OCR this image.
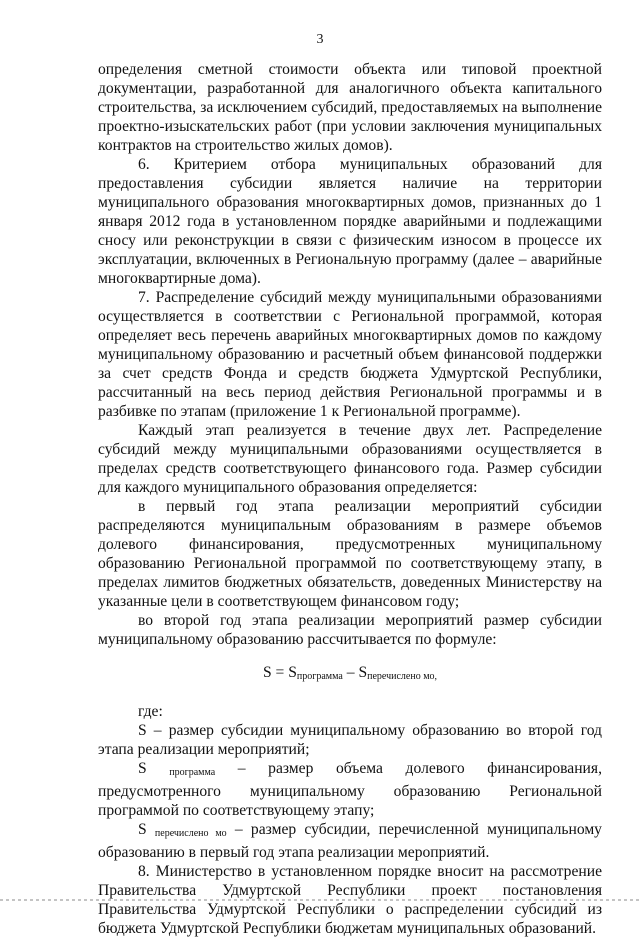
3

определения сметной стоимости объекта или типовой проектной документации, разработанной для аналогичного объекта капитального строительства, за исключением субсидий, предоставляемых на выполнение проектно-изыскательских работ (при условии заключения муниципальных контрактов на строительство жилых домов).

6. Критерием отбора муниципальных образований для предоставления субсидии является наличие на территории муниципального образования многоквартирных домов, признанных до 1 января 2012 года в установленном порядке аварийными и подлежащими сносу или реконструкции в связи с физическим износом в процессе их эксплуатации, включенных в Региональную программу (далее – аварийные многоквартирные дома).

7. Распределение субсидий между муниципальными образованиями осуществляется в соответствии с Региональной программой, которая определяет весь перечень аварийных многоквартирных домов по каждому муниципальному образованию и расчетный объем финансовой поддержки за счет средств Фонда и средств бюджета Удмуртской Республики, рассчитанный на весь период действия Региональной программы и в разбивке по этапам (приложение 1 к Региональной программе).

Каждый этап реализуется в течение двух лет. Распределение субсидий между муниципальными образованиями осуществляется в пределах средств соответствующего финансового года. Размер субсидии для каждого муниципального образования определяется:

в первый год этапа реализации мероприятий субсидии распределяются муниципальным образованиям в размере объемов долевого финансирования, предусмотренных муниципальному образованию Региональной программой по соответствующему этапу, в пределах лимитов бюджетных обязательств, доведенных Министерству на указанные цели в соответствующем финансовом году;

во второй год этапа реализации мероприятий размер субсидии муниципальному образованию рассчитывается по формуле:

$S = S_{программа} - S_{перечислено мо,}$

где:

S – размер субсидии муниципальному образованию во второй год этапа реализации мероприятий;

S программа – размер объема долевого финансирования, предусмотренного муниципальному образованию Региональной программой по соответствующему этапу;

S перечислено мо – размер субсидии, перечисленной муниципальному образованию в первый год этапа реализации мероприятий.

8. Министерство в установленном порядке вносит на рассмотрение Правительства Удмуртской Республики проект постановления Правительства Удмуртской Республики о распределении субсидий из бюджета Удмуртской Республики бюджетам муниципальных образований.
